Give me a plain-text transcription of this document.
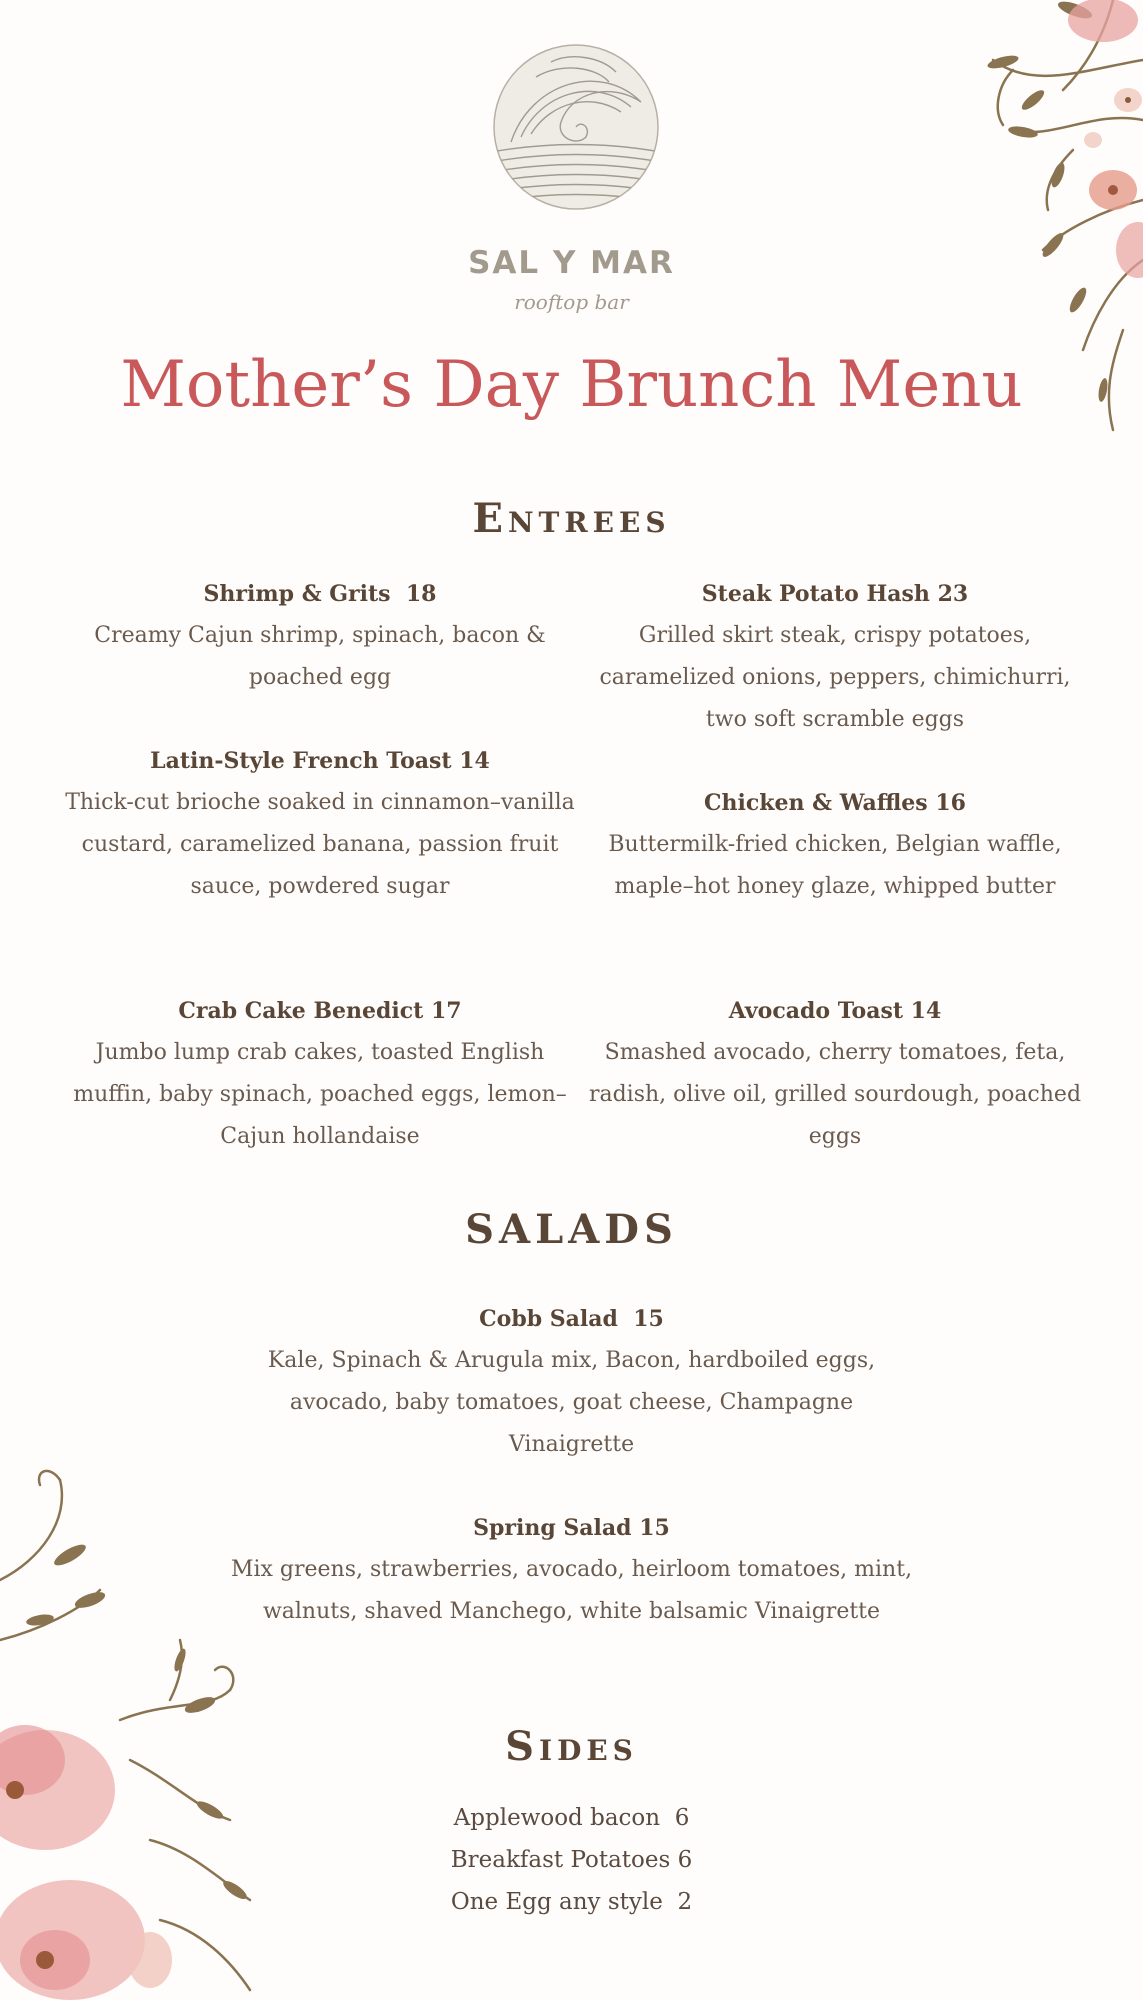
SAL Y MAR
rooftop bar
Mother’s Day Brunch Menu
Entrees
Shrimp & Grits  18
Creamy Cajun shrimp, spinach, bacon & poached egg
Steak Potato Hash 23
Grilled skirt steak, crispy potatoes, caramelized onions, peppers, chimichurri, two soft scramble eggs
Latin-Style French Toast 14
Thick-cut brioche soaked in cinnamon–vanilla custard, caramelized banana, passion fruit sauce, powdered sugar
Chicken & Waffles 16
Buttermilk-fried chicken, Belgian waffle, maple–hot honey glaze, whipped butter
Crab Cake Benedict 17
Jumbo lump crab cakes, toasted English muffin, baby spinach, poached eggs, lemon–Cajun hollandaise
Avocado Toast 14
Smashed avocado, cherry tomatoes, feta, radish, olive oil, grilled sourdough, poached eggs
SALADS
Cobb Salad  15
Kale, Spinach & Arugula mix, Bacon, hardboiled eggs, avocado, baby tomatoes, goat cheese, Champagne Vinaigrette
Spring Salad 15
Mix greens, strawberries, avocado, heirloom tomatoes, mint, walnuts, shaved Manchego, white balsamic Vinaigrette
Sides
Applewood bacon  6
Breakfast Potatoes 6
One Egg any style  2
